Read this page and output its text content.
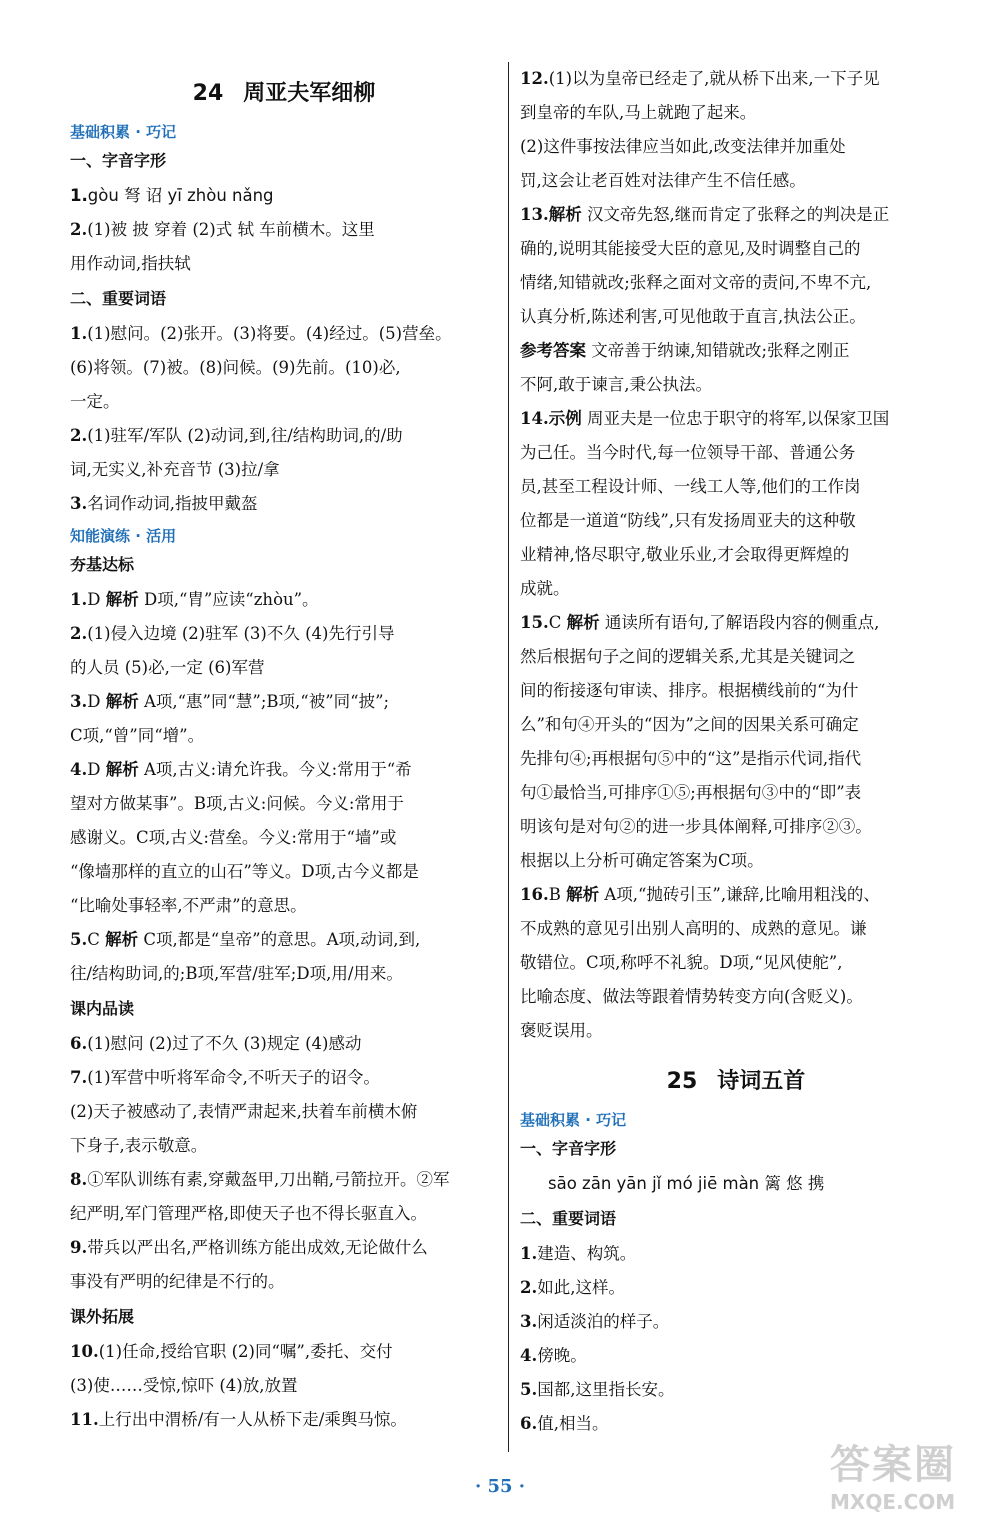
24 周亚夫军细柳
基础积累 · 巧记
一、字音字形
1.gòu 弩 诏 yī zhòu nǎng
2.(1)被 披 穿着 (2)式 轼 车前横木。这里
用作动词,指扶轼
二、重要词语
1.(1)慰问。(2)张开。(3)将要。(4)经过。(5)营垒。
(6)将领。(7)被。(8)问候。(9)先前。(10)必,
一定。
2.(1)驻军/军队 (2)动词,到,往/结构助词,的/助
词,无实义,补充音节 (3)拉/拿
3.名词作动词,指披甲戴盔
知能演练 · 活用
夯基达标
1.D 解析 D项,“胄”应读“zhòu”。
2.(1)侵入边境 (2)驻军 (3)不久 (4)先行引导
的人员 (5)必,一定 (6)军营
3.D 解析 A项,“惠”同“慧”;B项,“被”同“披”;
C项,“曾”同“增”。
4.D 解析 A项,古义:请允许我。今义:常用于“希
望对方做某事”。B项,古义:问候。今义:常用于
感谢义。C项,古义:营垒。今义:常用于“墙”或
“像墙那样的直立的山石”等义。D项,古今义都是
“比喻处事轻率,不严肃”的意思。
5.C 解析 C项,都是“皇帝”的意思。A项,动词,到,
往/结构助词,的;B项,军营/驻军;D项,用/用来。
课内品读
6.(1)慰问 (2)过了不久 (3)规定 (4)感动
7.(1)军营中听将军命令,不听天子的诏令。
(2)天子被感动了,表情严肃起来,扶着车前横木俯
下身子,表示敬意。
8.①军队训练有素,穿戴盔甲,刀出鞘,弓箭拉开。②军
纪严明,军门管理严格,即使天子也不得长驱直入。
9.带兵以严出名,严格训练方能出成效,无论做什么
事没有严明的纪律是不行的。
课外拓展
10.(1)任命,授给官职 (2)同“嘱”,委托、交付
(3)使……受惊,惊吓 (4)放,放置
11.上行出中渭桥/有一人从桥下走/乘舆马惊。
12.(1)以为皇帝已经走了,就从桥下出来,一下子见
到皇帝的车队,马上就跑了起来。
(2)这件事按法律应当如此,改变法律并加重处
罚,这会让老百姓对法律产生不信任感。
13.解析 汉文帝先怒,继而肯定了张释之的判决是正
确的,说明其能接受大臣的意见,及时调整自己的
情绪,知错就改;张释之面对文帝的责问,不卑不亢,
认真分析,陈述利害,可见他敢于直言,执法公正。
参考答案 文帝善于纳谏,知错就改;张释之刚正
不阿,敢于谏言,秉公执法。
14.示例 周亚夫是一位忠于职守的将军,以保家卫国
为己任。当今时代,每一位领导干部、普通公务
员,甚至工程设计师、一线工人等,他们的工作岗
位都是一道道“防线”,只有发扬周亚夫的这种敬
业精神,恪尽职守,敬业乐业,才会取得更辉煌的
成就。
15.C 解析 通读所有语句,了解语段内容的侧重点,
然后根据句子之间的逻辑关系,尤其是关键词之
间的衔接逐句审读、排序。根据横线前的“为什
么”和句④开头的“因为”之间的因果关系可确定
先排句④;再根据句⑤中的“这”是指示代词,指代
句①最恰当,可排序①⑤;再根据句③中的“即”表
明该句是对句②的进一步具体阐释,可排序②③。
根据以上分析可确定答案为C项。
16.B 解析 A项,“抛砖引玉”,谦辞,比喻用粗浅的、
不成熟的意见引出别人高明的、成熟的意见。谦
敬错位。C项,称呼不礼貌。D项,“见风使舵”,
比喻态度、做法等跟着情势转变方向(含贬义)。
褒贬误用。
25 诗词五首
基础积累 · 巧记
一、字音字形
sāo zān yān jǐ mó jiē màn 篱 悠 携
二、重要词语
1.建造、构筑。
2.如此,这样。
3.闲适淡泊的样子。
4.傍晚。
5.国都,这里指长安。
6.值,相当。
· 55 ·	答案圈
MXQE.COM
